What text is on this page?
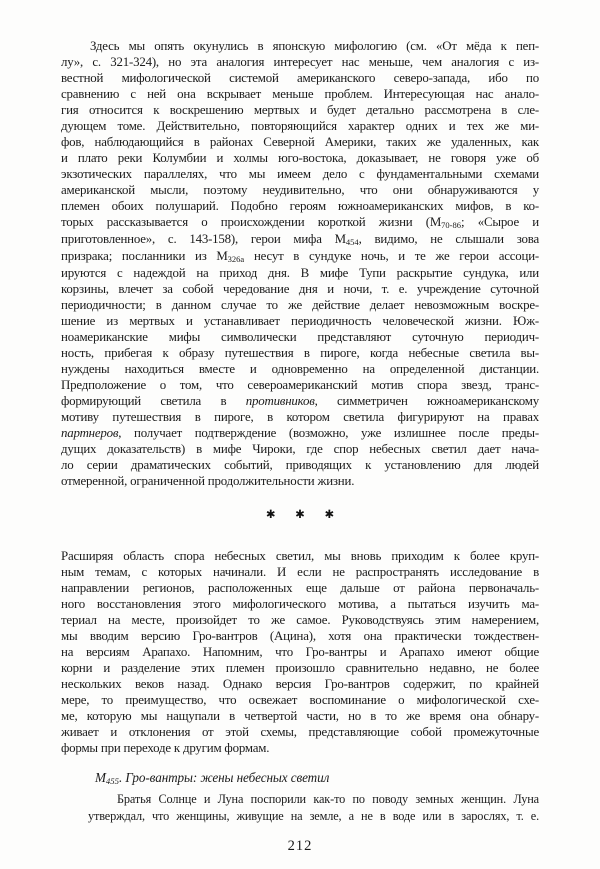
Здесь мы опять окунулись в японскую мифологию (см. «От мёда к пеп-
лу», с. 321-324), но эта аналогия интересует нас меньше, чем аналогия с из-
вестной мифологической системой американского северо-запада, ибо по
сравнению с ней она вскрывает меньше проблем. Интересующая нас анало-
гия относится к воскрешению мертвых и будет детально рассмотрена в сле-
дующем томе. Действительно, повторяющийся характер одних и тех же ми-
фов, наблюдающийся в районах Северной Америки, таких же удаленных, как
и плато реки Колумбии и холмы юго-востока, доказывает, не говоря уже об
экзотических параллелях, что мы имеем дело с фундаментальными схемами
американской мысли, поэтому неудивительно, что они обнаруживаются у
племен обоих полушарий. Подобно героям южноамериканских мифов, в ко-
торых рассказывается о происхождении короткой жизни ($M_{70-86}$; «Сырое и
приготовленное», с. 143-158), герои мифа $M_{454}$, видимо, не слышали зова
призрака; посланники из $M_{326a}$ несут в сундуке ночь, и те же герои ассоци-
ируются с надеждой на приход дня. В мифе Тупи раскрытие сундука, или
корзины, влечет за собой чередование дня и ночи, т. е. учреждение суточной
периодичности; в данном случае то же действие делает невозможным воскре-
шение из мертвых и устанавливает периодичность человеческой жизни. Юж-
ноамериканские мифы символически представляют суточную периодич-
ность, прибегая к образу путешествия в пироге, когда небесные светила вы-
нуждены находиться вместе и одновременно на определенной дистанции.
Предположение о том, что североамериканский мотив спора звезд, транс-
формирующий светила в противников, симметричен южноамериканскому
мотиву путешествия в пироге, в котором светила фигурируют на правах
партнеров, получает подтверждение (возможно, уже излишнее после преды-
дущих доказательств) в мифе Чироки, где спор небесных светил дает нача-
ло серии драматических событий, приводящих к установлению для людей
отмеренной, ограниченной продолжительности жизни.
✱ ✱ ✱
Расширяя область спора небесных светил, мы вновь приходим к более круп-
ным темам, с которых начинали. И если не распространять исследование в
направлении регионов, расположенных еще дальше от района первоначаль-
ного восстановления этого мифологического мотива, а пытаться изучить ма-
териал на месте, произойдет то же самое. Руководствуясь этим намерением,
мы вводим версию Гро-вантров (Ацина), хотя она практически тождествен-
на версиям Арапахо. Напомним, что Гро-вантры и Арапахо имеют общие
корни и разделение этих племен произошло сравнительно недавно, не более
нескольких веков назад. Однако версия Гро-вантров содержит, по крайней
мере, то преимущество, что освежает воспоминание о мифологической схе-
ме, которую мы нащупали в четвертой части, но в то же время она обнару-
живает и отклонения от этой схемы, представляющие собой промежуточные
формы при переходе к другим формам.
$M_{455}$. Гро-вантры: жены небесных светил
Братья Солнце и Луна поспорили как-то по поводу земных женщин. Луна
утверждал, что женщины, живущие на земле, а не в воде или в зарослях, т. е.
212
